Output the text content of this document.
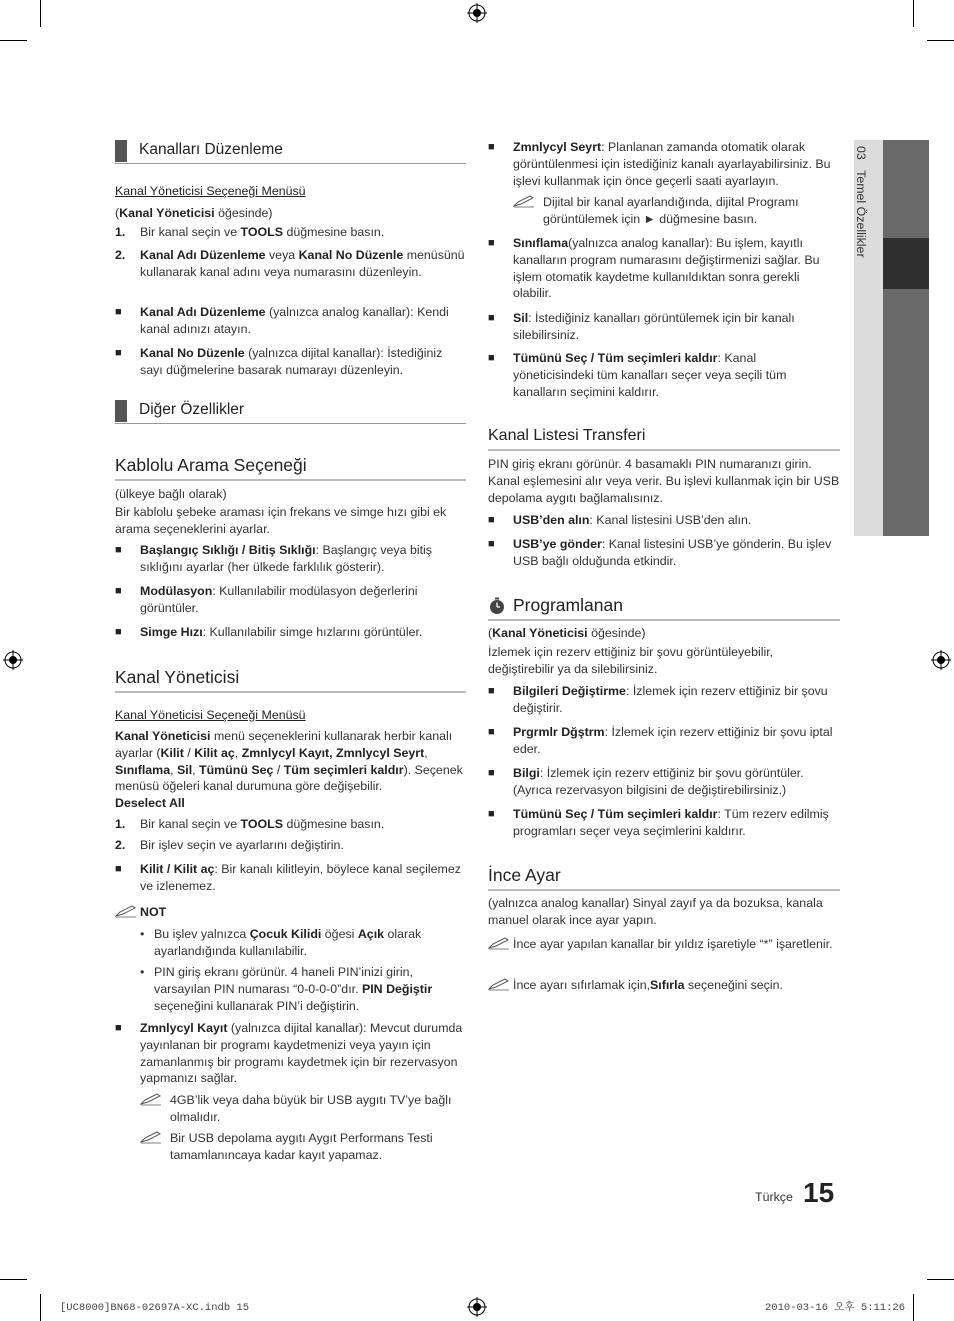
03   Temel Özellikler
Kanalları Düzenleme
Kanal Yöneticisi Seçeneği Menüsü
(Kanal Yöneticisi öğesinde)
1. Bir kanal seçin ve TOOLS düğmesine basın.
2. Kanal Adı Düzenleme veya Kanal No Düzenle menüsünü kullanarak kanal adını veya numarasını düzenleyin.
■ Kanal Adı Düzenleme (yalnızca analog kanallar): Kendi kanal adınızı atayın.
■ Kanal No Düzenle (yalnızca dijital kanallar): İstediğiniz sayı düğmelerine basarak numarayı düzenleyin.
Diğer Özellikler
Kablolu Arama Seçeneği
(ülkeye bağlı olarak)
Bir kablolu şebeke araması için frekans ve simge hızı gibi ek arama seçeneklerini ayarlar.
■ Başlangıç Sıklığı / Bitiş Sıklığı: Başlangıç veya bitiş sıklığını ayarlar (her ülkede farklılık gösterir).
■ Modülasyon: Kullanılabilir modülasyon değerlerini görüntüler.
■ Simge Hızı: Kullanılabilir simge hızlarını görüntüler.
Kanal Yöneticisi
Kanal Yöneticisi Seçeneği Menüsü
Kanal Yöneticisi menü seçeneklerini kullanarak herbir kanalı ayarlar (Kilit / Kilit aç, Zmnlycyl Kayıt, Zmnlycyl Seyrt, Sınıflama, Sil, Tümünü Seç / Tüm seçimleri kaldır). Seçenek menüsü öğeleri kanal durumuna göre değişebilir.
Deselect All
1. Bir kanal seçin ve TOOLS düğmesine basın.
2. Bir işlev seçin ve ayarlarını değiştirin.
■ Kilit / Kilit aç: Bir kanalı kilitleyin, böylece kanal seçilemez ve izlenemez.
NOT
• Bu işlev yalnızca Çocuk Kilidi öğesi Açık olarak ayarlandığında kullanılabilir.
• PIN giriş ekranı görünür. 4 haneli PIN’inizi girin, varsayılan PIN numarası “0-0-0-0”dır. PIN Değiştir seçeneğini kullanarak PIN’i değiştirin.
■ Zmnlycyl Kayıt (yalnızca dijital kanallar): Mevcut durumda yayınlanan bir programı kaydetmenizi veya yayın için zamanlanmış bir programı kaydetmek için bir rezervasyon yapmanızı sağlar.
4GB’lik veya daha büyük bir USB aygıtı TV’ye bağlı olmalıdır.
Bir USB depolama aygıtı Aygıt Performans Testi tamamlanıncaya kadar kayıt yapamaz.
■ Zmnlycyl Seyrt: Planlanan zamanda otomatik olarak görüntülenmesi için istediğiniz kanalı ayarlayabilirsiniz. Bu işlevi kullanmak için önce geçerli saati ayarlayın.
Dijital bir kanal ayarlandığında, dijital Programı görüntülemek için ► düğmesine basın.
■ Sınıflama(yalnızca analog kanallar): Bu işlem, kayıtlı kanalların program numarasını değiştirmenizi sağlar. Bu işlem otomatik kaydetme kullanıldıktan sonra gerekli olabilir.
■ Sil: İstediğiniz kanalları görüntülemek için bir kanalı silebilirsiniz.
■ Tümünü Seç / Tüm seçimleri kaldır: Kanal yöneticisindeki tüm kanalları seçer veya seçili tüm kanalların seçimini kaldırır.
Kanal Listesi Transferi
PIN giriş ekranı görünür. 4 basamaklı PIN numaranızı girin. Kanal eşlemesini alır veya verir. Bu işlevi kullanmak için bir USB depolama aygıtı bağlamalısınız.
■ USB’den alın: Kanal listesini USB’den alın.
■ USB’ye gönder: Kanal listesini USB’ye gönderin. Bu işlev USB bağlı olduğunda etkindir.
Programlanan
(Kanal Yöneticisi öğesinde)
İzlemek için rezerv ettiğiniz bir şovu görüntüleyebilir, değiştirebilir ya da silebilirsiniz.
■ Bilgileri Değiştirme: İzlemek için rezerv ettiğiniz bir şovu değiştirir.
■ Prgrmlr Dğştrm: İzlemek için rezerv ettiğiniz bir şovu iptal eder.
■ Bilgi: İzlemek için rezerv ettiğiniz bir şovu görüntüler. (Ayrıca rezervasyon bilgisini de değiştirebilirsiniz.)
■ Tümünü Seç / Tüm seçimleri kaldır: Tüm rezerv edilmiş programları seçer veya seçimlerini kaldırır.
İnce Ayar
(yalnızca analog kanallar) Sinyal zayıf ya da bozuksa, kanala manuel olarak ince ayar yapın.
İnce ayar yapılan kanallar bir yıldız işaretiyle “*” işaretlenir.
İnce ayarı sıfırlamak için,Sıfırla seçeneğini seçin.
Türkçe 15
[UC8000]BN68-02697A-XC.indb 15	2010-03-16 오후 5:11:26
